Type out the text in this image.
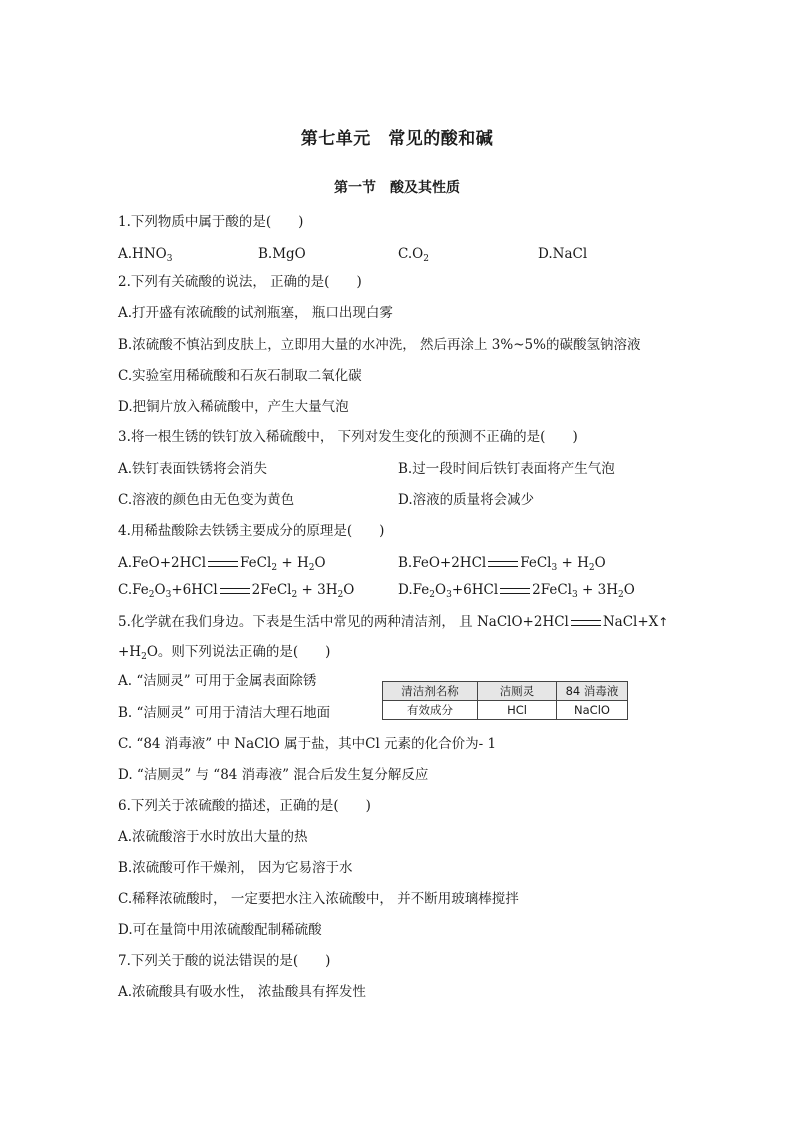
第七单元　常见的酸和碱
第一节　酸及其性质
1.下列物质中属于酸的是(　　)
$A.HNO_3$	B.MgO	$C.O_2$	D.NaCl
2.下列有关硫酸的说法， 正确的是(　　)
A.打开盛有浓硫酸的试剂瓶塞， 瓶口出现白雾
B.浓硫酸不慎沾到皮肤上，立即用大量的水冲洗， 然后再涂上 3%~5%的碳酸氢钠溶液
C.实验室用稀硫酸和石灰石制取二氧化碳
D.把铜片放入稀硫酸中，产生大量气泡
3.将一根生锈的铁钉放入稀硫酸中， 下列对发生变化的预测不正确的是(　　)
A.铁钉表面铁锈将会消失	B.过一段时间后铁钉表面将产生气泡
C.溶液的颜色由无色变为黄色	D.溶液的质量将会减少
4.用稀盐酸除去铁锈主要成分的原理是(　　)
A.FeO+2HCl	FeCl$_2$ + $H_2O$	B.FeO+2HCl	FeCl$_3$ + $H_2O$
$C.Fe_2O_3+6HCl$	2FeCl$_2$ + $3H_2O$	$D.Fe_2O_3+6HCl$	2FeCl$_3$ + $3H_2O$
5.化学就在我们身边。下表是生活中常见的两种清洁剂， 且 NaClO+2HCl	NaCl+X↑
$+H_2O$。则下列说法正确的是(　　)
A. “洁厕灵” 可用于金属表面除锈
B. “洁厕灵” 可用于清洁大理石地面
清洁剂名称	洁厕灵	84 消毒液
有效成分	HCl	NaClO
C. “84 消毒液” 中 NaClO 属于盐，其中Cl 元素的化合价为- 1
D. “洁厕灵” 与 “84 消毒液” 混合后发生复分解反应
6.下列关于浓硫酸的描述，正确的是(　　)
A.浓硫酸溶于水时放出大量的热
B.浓硫酸可作干燥剂， 因为它易溶于水
C.稀释浓硫酸时， 一定要把水注入浓硫酸中， 并不断用玻璃棒搅拌
D.可在量筒中用浓硫酸配制稀硫酸
7.下列关于酸的说法错误的是(　　)
A.浓硫酸具有吸水性， 浓盐酸具有挥发性
